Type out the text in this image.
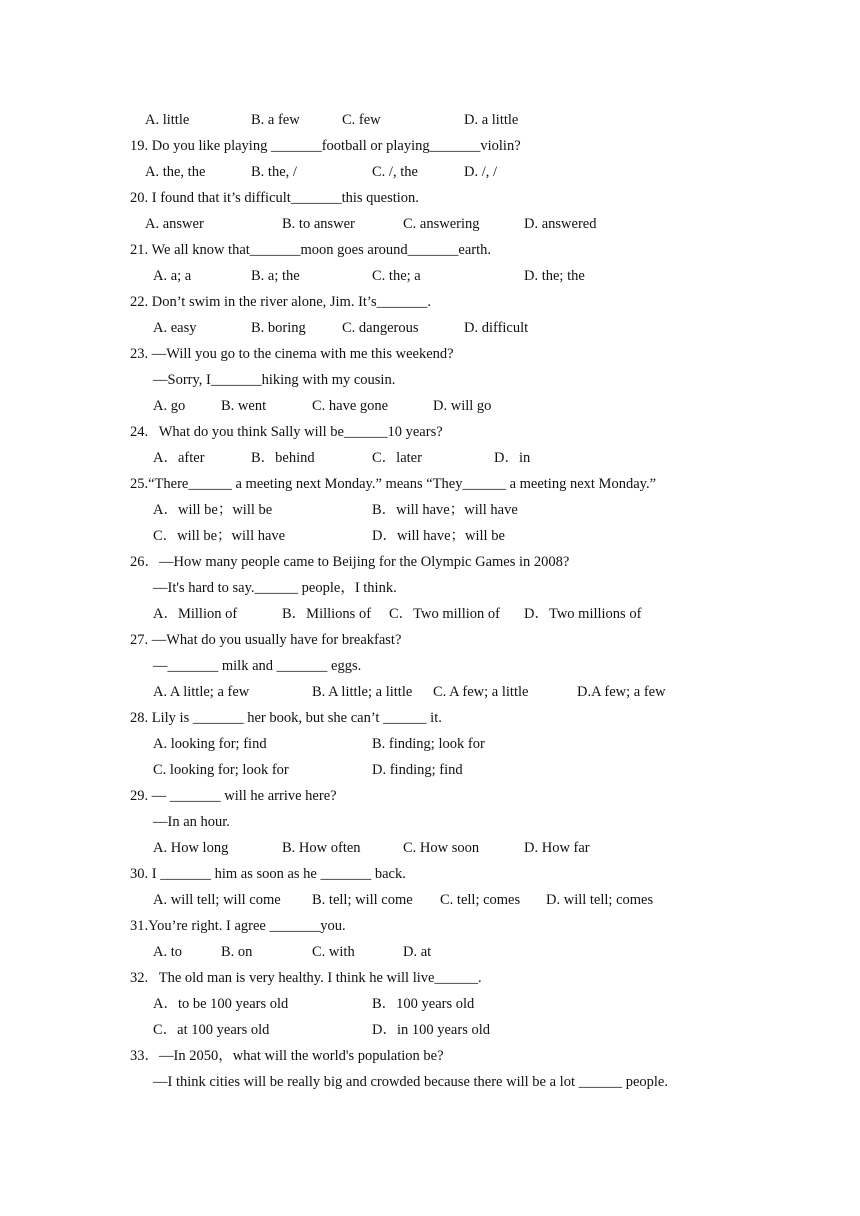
A. little	B. a few	C. few	D. a little
19. Do you like playing _______football or playing_______violin?
A. the, the	B. the, /	C. /, the	D. /, /
20. I found that it’s difficult_______this question.
A. answer	B. to answer	C. answering	D. answered
21. We all know that_______moon goes around_______earth.
A. a; a	B. a; the	C. the; a	D. the; the
22. Don’t swim in the river alone, Jim. It’s_______.
A. easy	B. boring C. dangerous	D. difficult
23. —Will you go to the cinema with me this weekend?
—Sorry, I_______hiking with my cousin.
A. go B. went	C. have gone	D. will go
24.   What do you think Sally will be______10 years?
A．after	B．behind	C．later	D．in
25.“There______ a meeting next Monday.” means “They______ a meeting next Monday.”
A．will be；will be	B．will have；will have
C．will be；will have	D．will have；will be
26．—How many people came to Beijing for the Olympic Games in 2008?
—It's hard to say.______ people，I think.
A．Million of	B．Millions of C．Two million of D．Two millions of
27. —What do you usually have for breakfast?
—_______ milk and _______ eggs.
A. A little; a few	B. A little; a little C. A few; a little	D.A few; a few
28. Lily is _______ her book, but she can’t ______ it.
A. looking for; find	B. finding; look for
C. looking for; look for	D. finding; find
29. — _______ will he arrive here?
—In an hour.
A. How long	B. How often	C. How soon	D. How far
30. I _______ him as soon as he _______ back.
A. will tell; will come B. tell; will come C. tell; comes D. will tell; comes
31.You’re right. I agree _______you.
A. to	B. on	C. with	D. at
32.   The old man is very healthy. I think he will live______.
A．to be 100 years old	B．100 years old
C．at 100 years old	D．in 100 years old
33．—In 2050，what will the world's population be?
—I think cities will be really big and crowded because there will be a lot ______ people.
